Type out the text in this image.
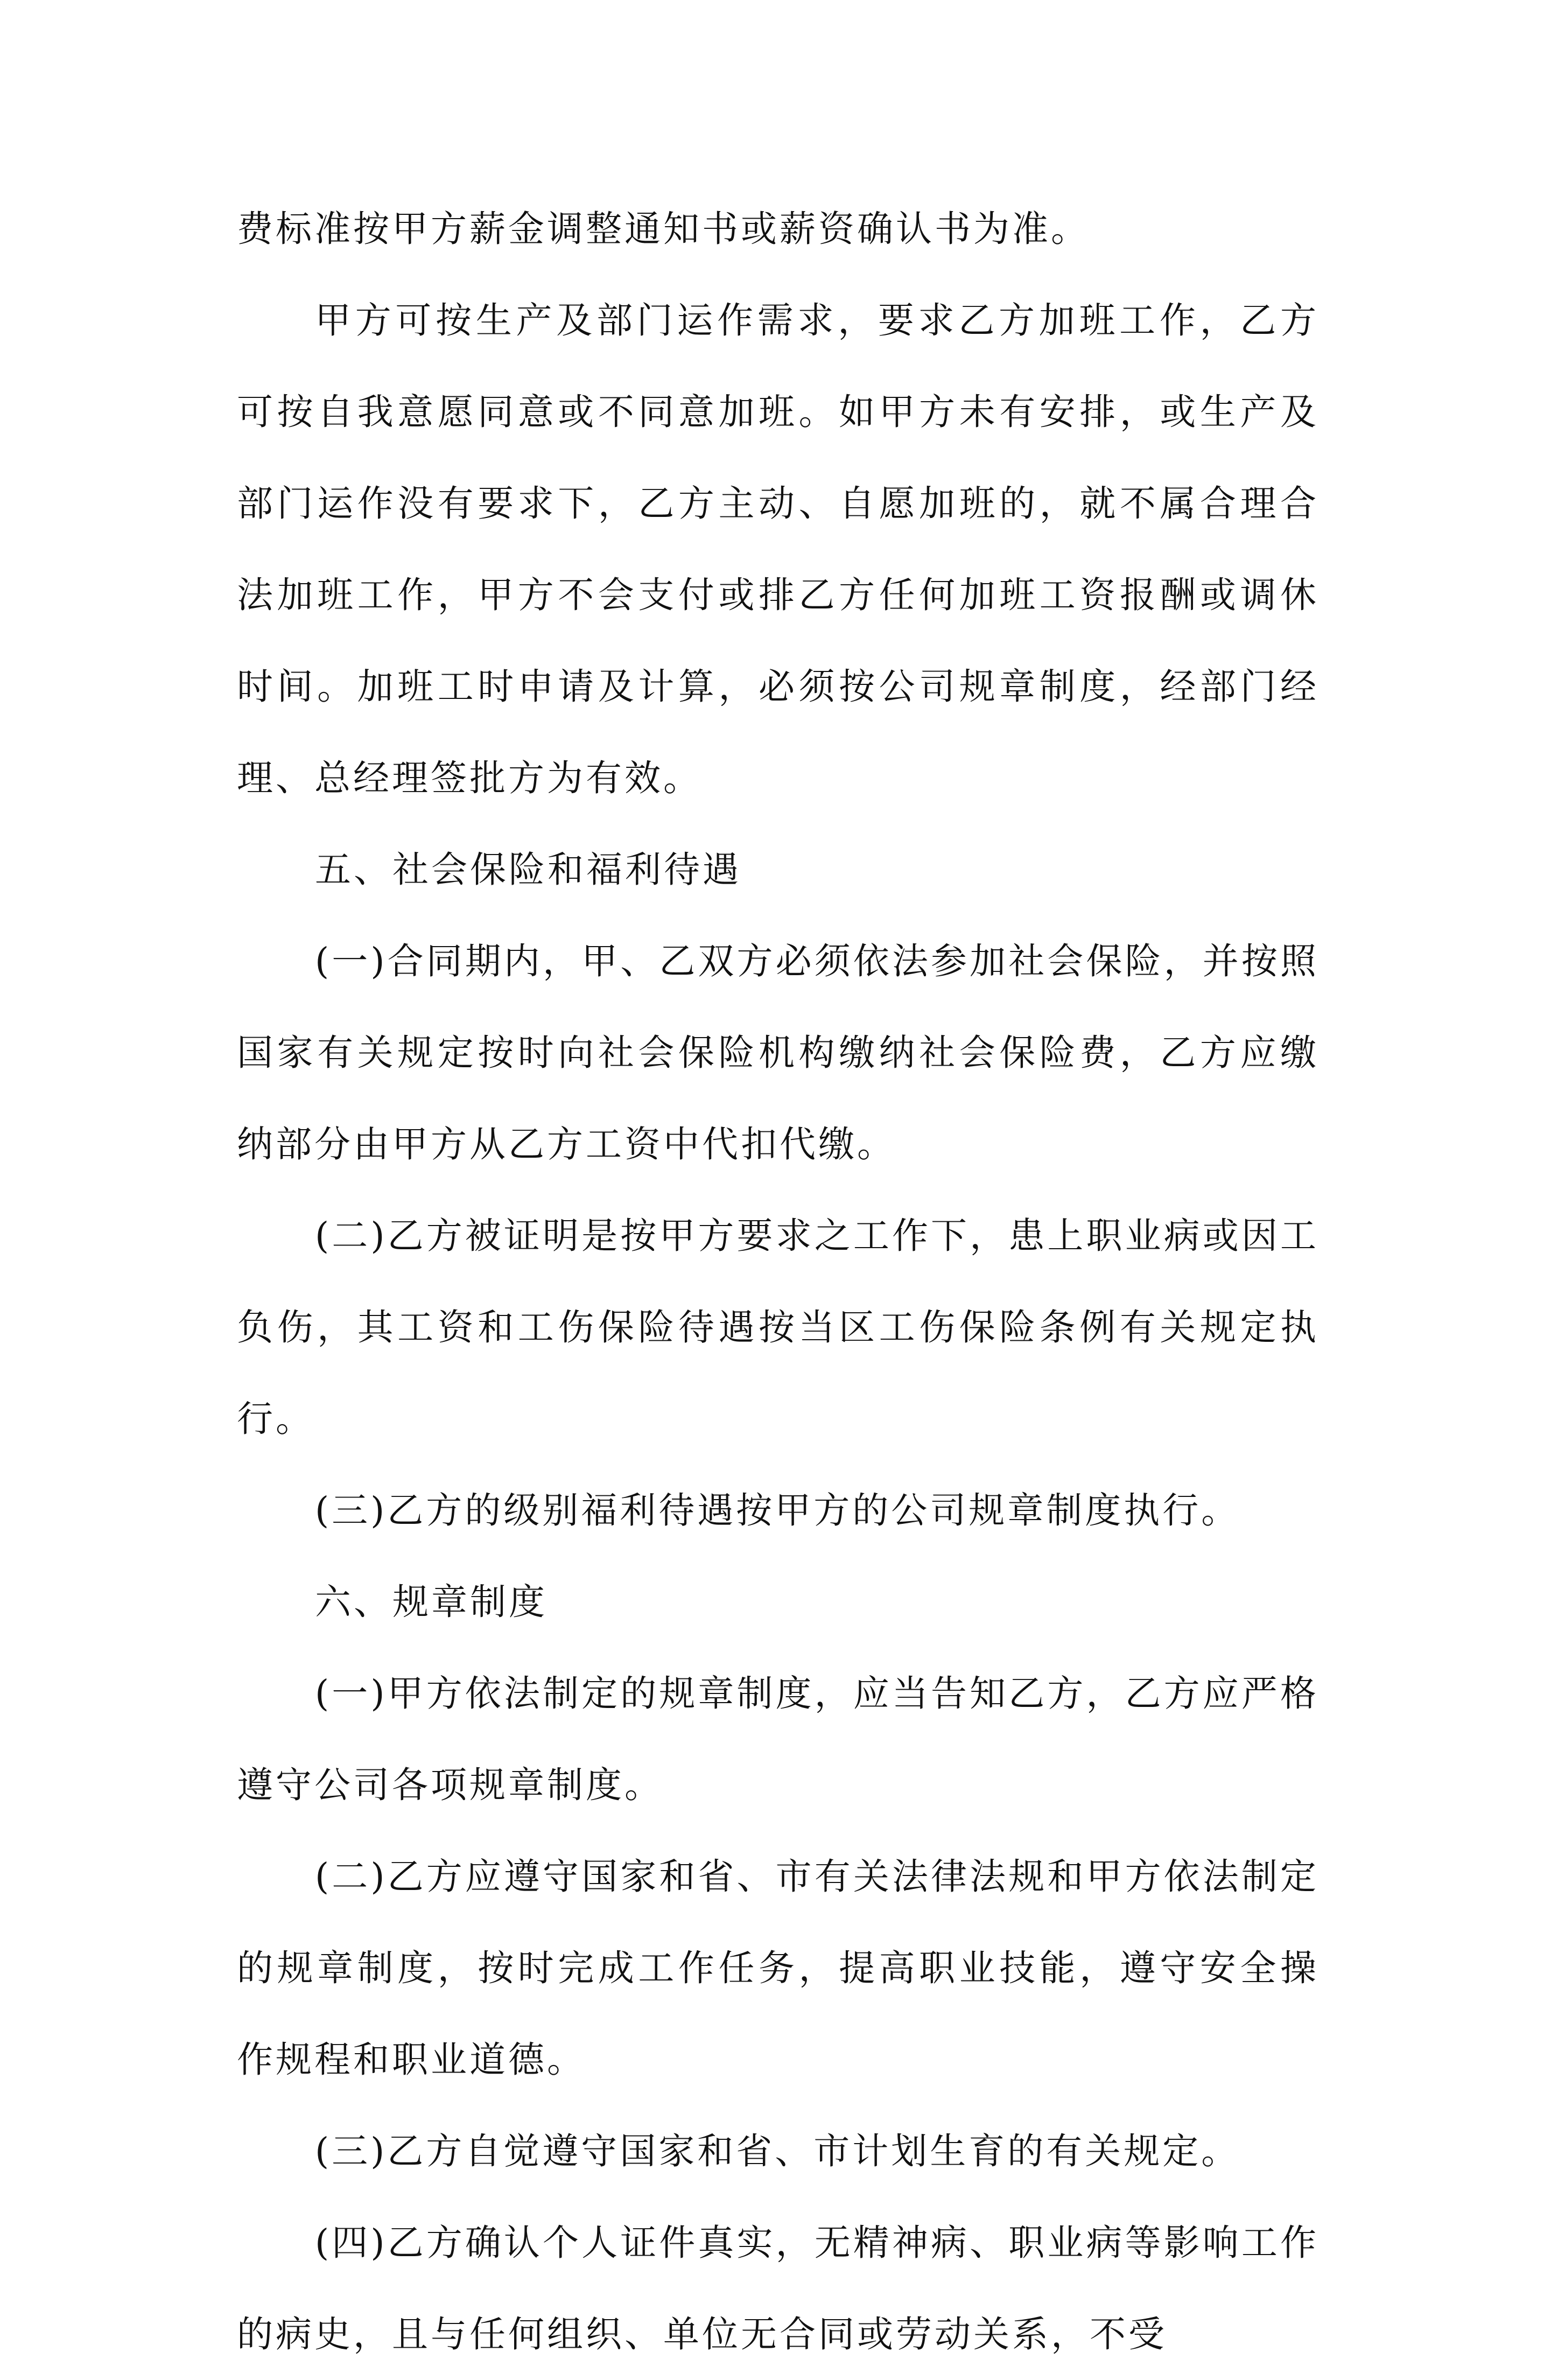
费标准按甲方薪金调整通知书或薪资确认书为准。

甲方可按生产及部门运作需求，要求乙方加班工作，乙方可按自我意愿同意或不同意加班。如甲方未有安排，或生产及部门运作没有要求下，乙方主动、自愿加班的，就不属合理合法加班工作，甲方不会支付或排乙方任何加班工资报酬或调休时间。加班工时申请及计算，必须按公司规章制度，经部门经理、总经理签批方为有效。

五、社会保险和福利待遇

(一)合同期内，甲、乙双方必须依法参加社会保险，并按照国家有关规定按时向社会保险机构缴纳社会保险费，乙方应缴纳部分由甲方从乙方工资中代扣代缴。

(二)乙方被证明是按甲方要求之工作下，患上职业病或因工负伤，其工资和工伤保险待遇按当区工伤保险条例有关规定执行。

(三)乙方的级别福利待遇按甲方的公司规章制度执行。

六、规章制度

(一)甲方依法制定的规章制度，应当告知乙方，乙方应严格遵守公司各项规章制度。

(二)乙方应遵守国家和省、市有关法律法规和甲方依法制定的规章制度，按时完成工作任务，提高职业技能，遵守安全操作规程和职业道德。

(三)乙方自觉遵守国家和省、市计划生育的有关规定。

(四)乙方确认个人证件真实，无精神病、职业病等影响工作的病史，且与任何组织、单位无合同或劳动关系，不受
